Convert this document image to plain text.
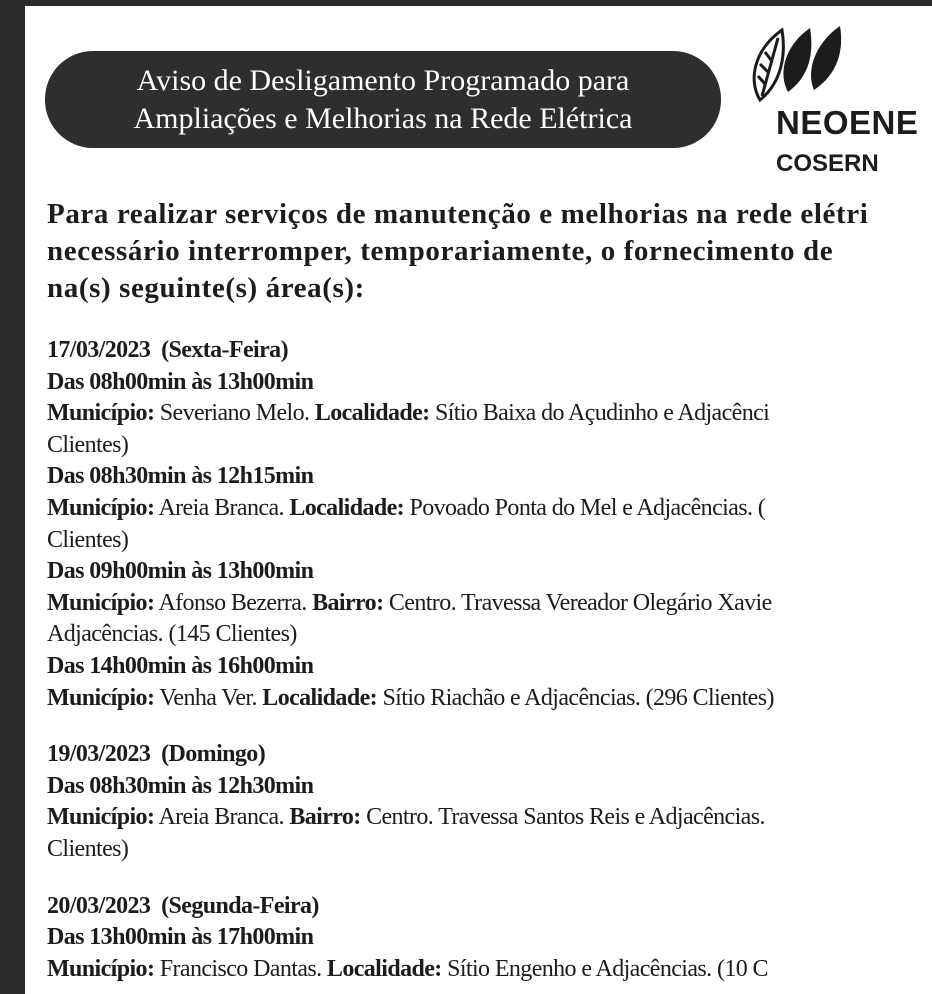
Aviso de Desligamento Programado para
Ampliações e Melhorias na Rede Elétrica	NEOENE
COSERN
Para realizar serviços de manutenção e melhorias na rede elétri
necessário interromper, temporariamente, o fornecimento de
na(s) seguinte(s) área(s):
17/03/2023 (Sexta-Feira)
Das 08h00min às 13h00min
Município: Severiano Melo. Localidade: Sítio Baixa do Açudinho e Adjacênci
Clientes)
Das 08h30min às 12h15min
Município: Areia Branca. Localidade: Povoado Ponta do Mel e Adjacências. (
Clientes)
Das 09h00min às 13h00min
Município: Afonso Bezerra. Bairro: Centro. Travessa Vereador Olegário Xavie
Adjacências. (145 Clientes)
Das 14h00min às 16h00min
Município: Venha Ver. Localidade: Sítio Riachão e Adjacências. (296 Clientes)
19/03/2023 (Domingo)
Das 08h30min às 12h30min
Município: Areia Branca. Bairro: Centro. Travessa Santos Reis e Adjacências.
Clientes)
20/03/2023 (Segunda-Feira)
Das 13h00min às 17h00min
Município: Francisco Dantas. Localidade: Sítio Engenho e Adjacências. (10 C
